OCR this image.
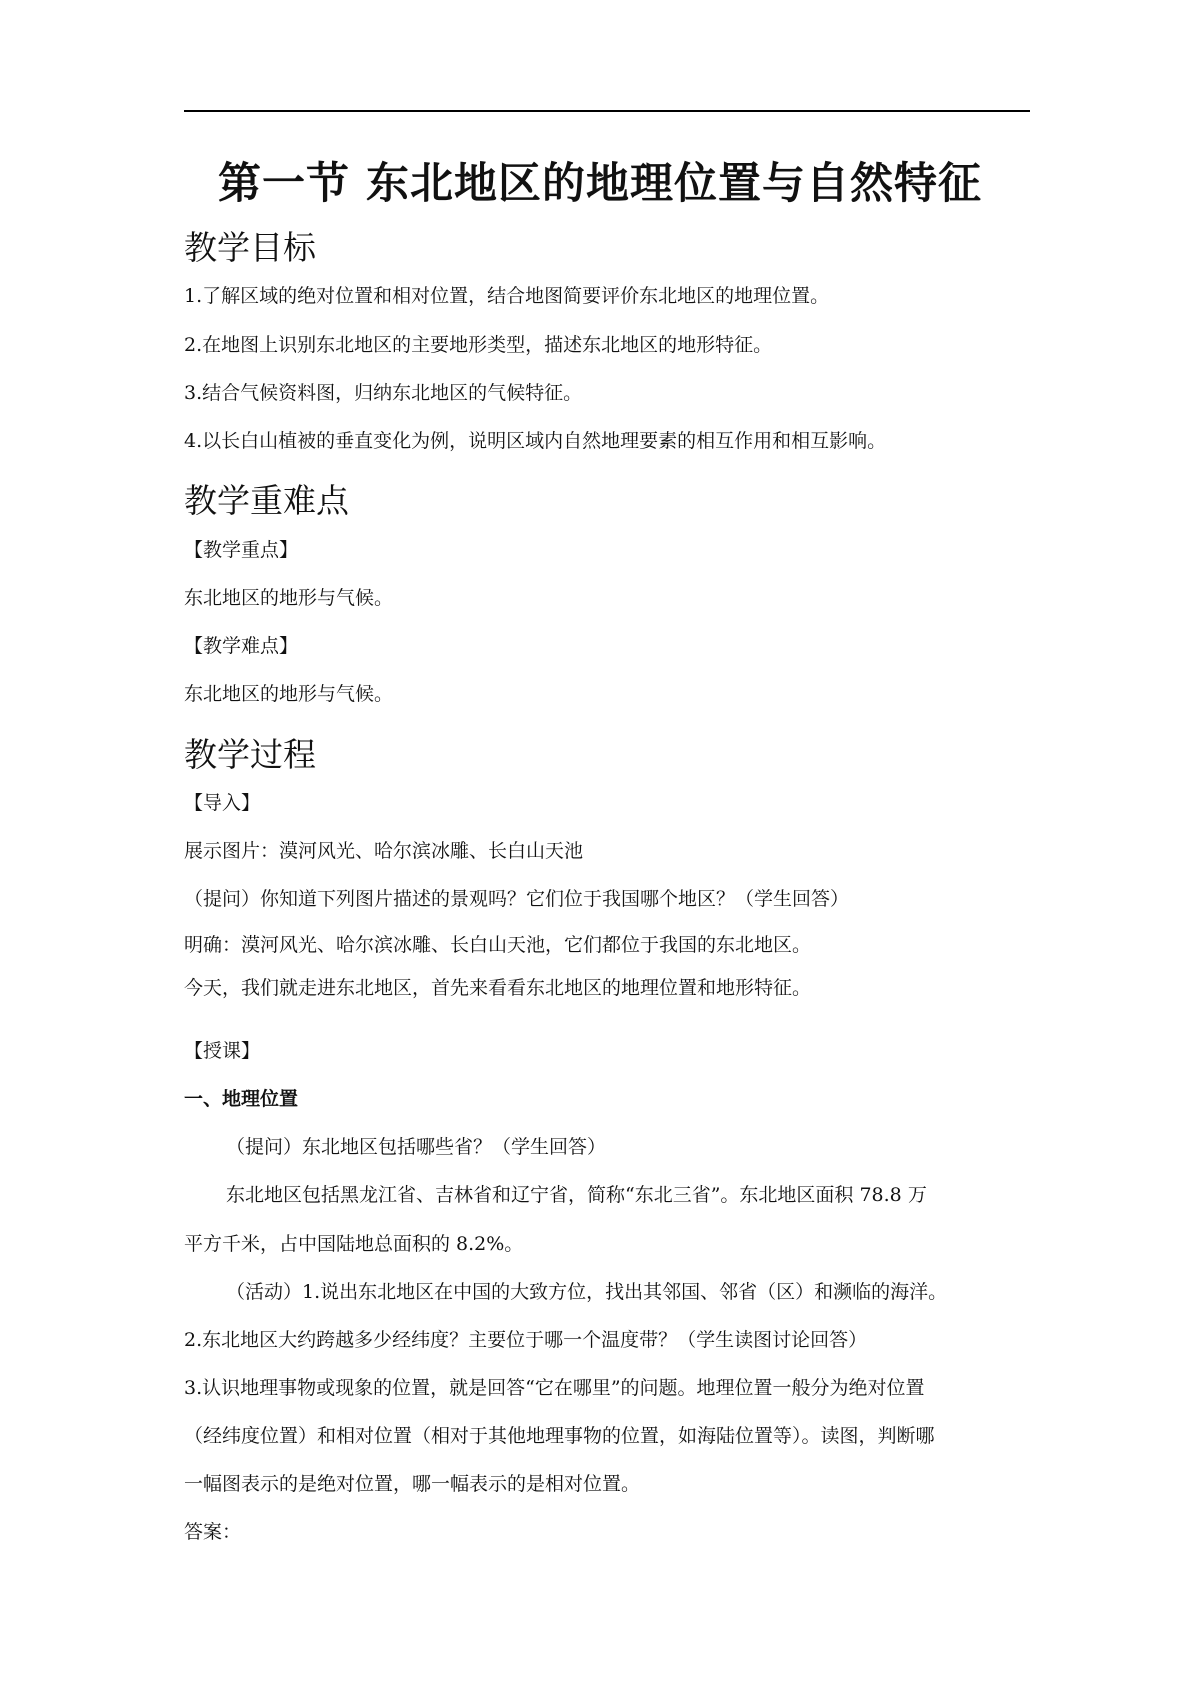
第一节 东北地区的地理位置与自然特征
教学目标
1.了解区域的绝对位置和相对位置，结合地图简要评价东北地区的地理位置。
2.在地图上识别东北地区的主要地形类型，描述东北地区的地形特征。
3.结合气候资料图，归纳东北地区的气候特征。
4.以长白山植被的垂直变化为例，说明区域内自然地理要素的相互作用和相互影响。
教学重难点
【教学重点】
东北地区的地形与气候。
【教学难点】
东北地区的地形与气候。
教学过程
【导入】
展示图片：漠河风光、哈尔滨冰雕、长白山天池
（提问）你知道下列图片描述的景观吗？它们位于我国哪个地区？（学生回答）
明确：漠河风光、哈尔滨冰雕、长白山天池，它们都位于我国的东北地区。
今天，我们就走进东北地区，首先来看看东北地区的地理位置和地形特征。
【授课】
一、地理位置
（提问）东北地区包括哪些省？（学生回答）
东北地区包括黑龙江省、吉林省和辽宁省，简称“东北三省”。东北地区面积 78.8 万
平方千米，占中国陆地总面积的 8.2%。
（活动）1.说出东北地区在中国的大致方位，找出其邻国、邻省（区）和濒临的海洋。
2.东北地区大约跨越多少经纬度？主要位于哪一个温度带？（学生读图讨论回答）
3.认识地理事物或现象的位置，就是回答“它在哪里”的问题。地理位置一般分为绝对位置
（经纬度位置）和相对位置（相对于其他地理事物的位置，如海陆位置等）。读图，判断哪
一幅图表示的是绝对位置，哪一幅表示的是相对位置。
答案：
